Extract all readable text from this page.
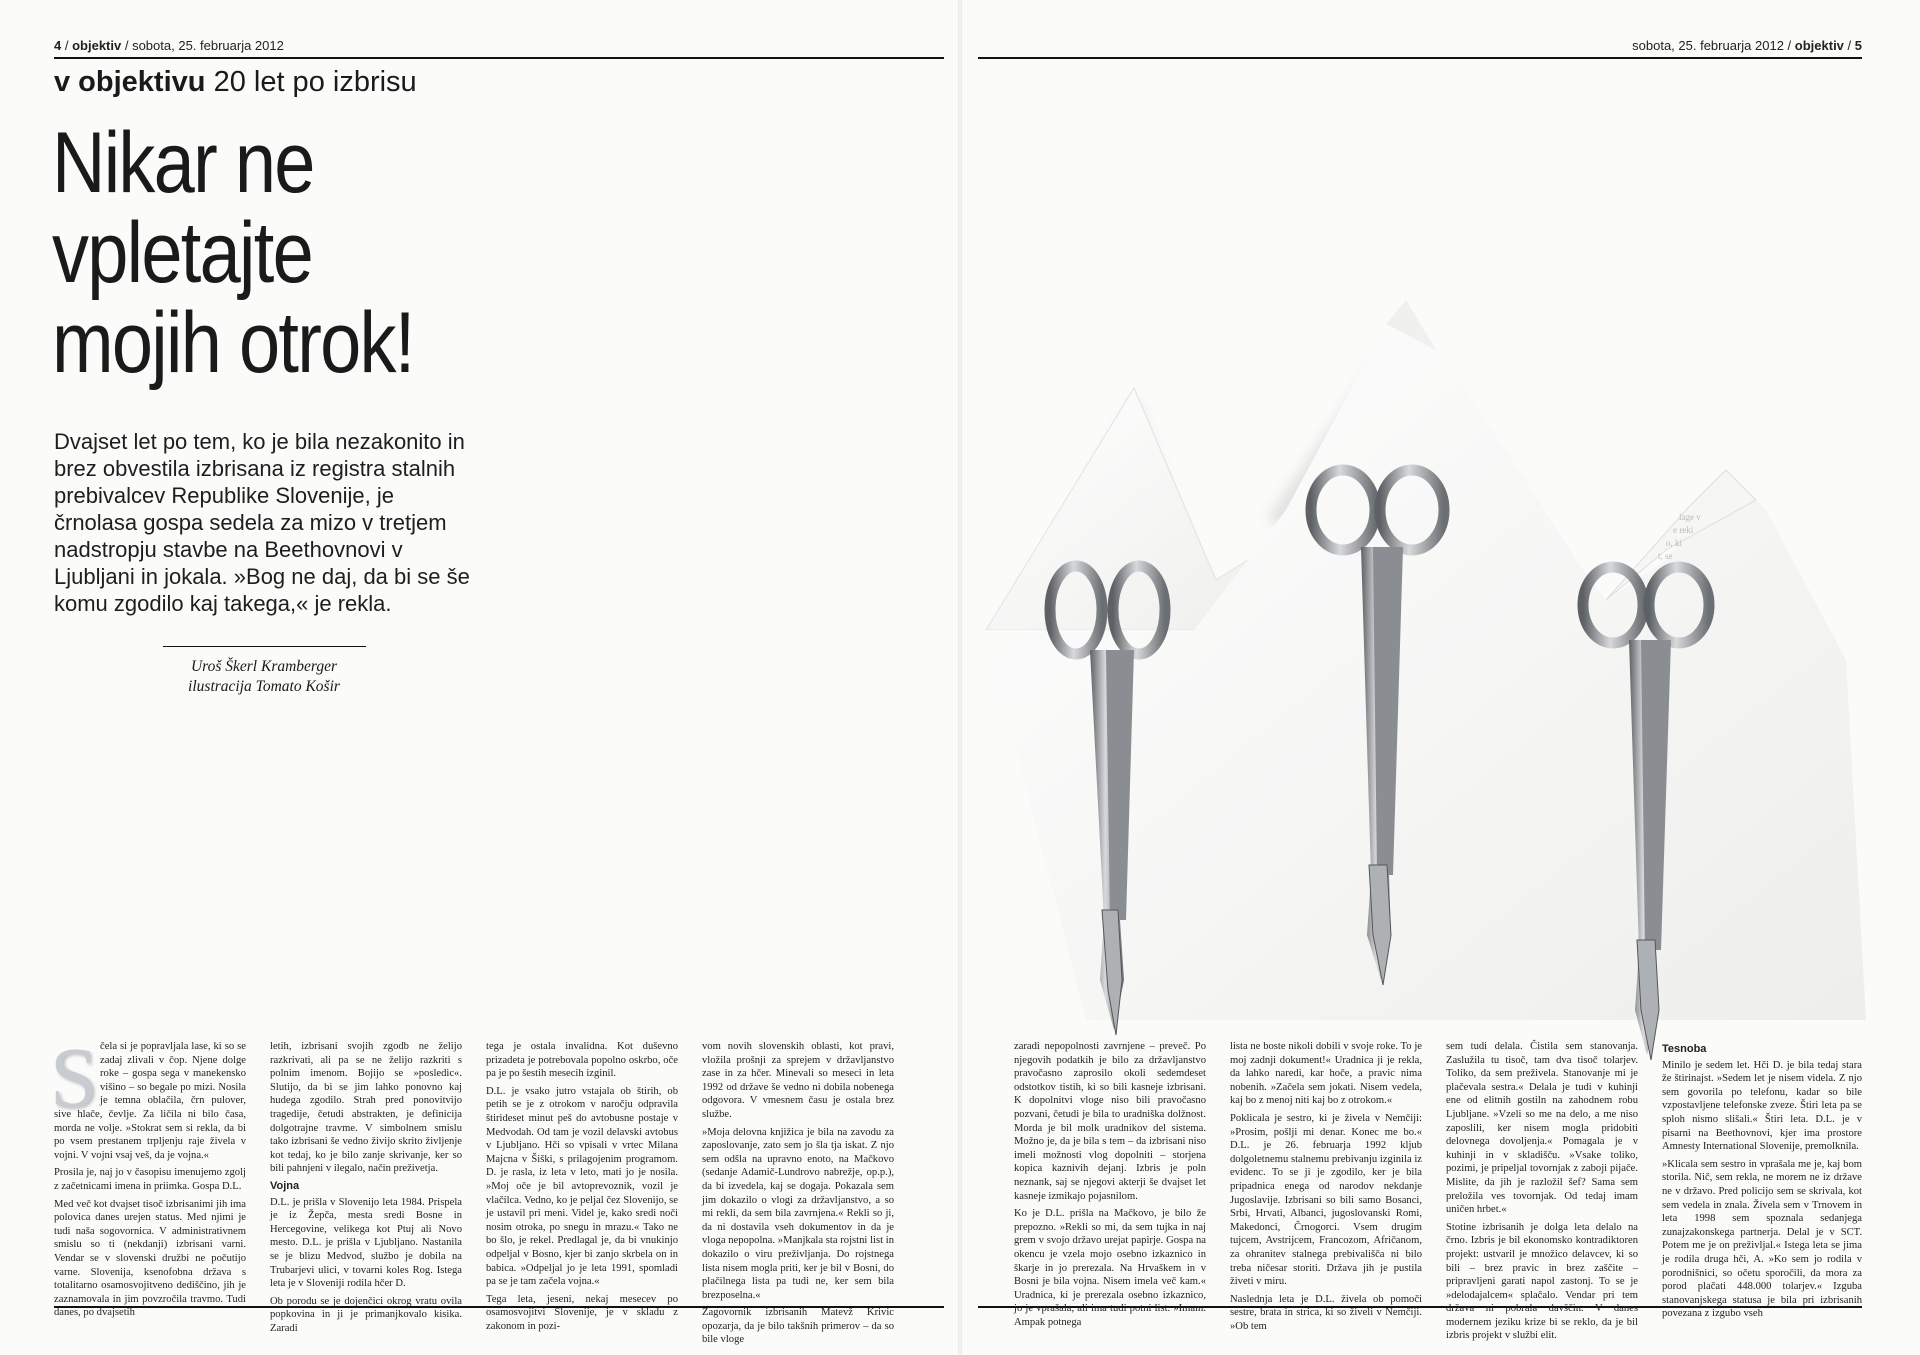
4 / objektiv / sobota, 25. februarja 2012	sobota, 25. februarja 2012 / objektiv / 5
v objektivu 20 let po izbrisu
Nikar ne
vpletajte
mojih otrok!
Dvajset let po tem, ko je bila nezakonito in brez obvestila izbrisana iz registra stalnih prebivalcev Republike Slovenije, je črnolasa gospa sedela za mizo v tretjem nadstropju stavbe na Beethovnovi v Ljubljani in jokala. »Bog ne daj, da bi se še komu zgodilo kaj takega,« je rekla.
Uroš Škerl Kramberger
ilustracija Tomato Košir
lage v
e reki
o, ki
t, se
S čela si je popravljala lase, ki so se zadaj zlivali v čop. Njene dolge roke – gospa sega v manekensko višino – so begale po mizi. Nosila je temna oblačila, črn pulover, sive hlače, čevlje. Za ličila ni bilo časa, morda ne volje. »Stokrat sem si rekla, da bi po vsem prestanem trpljenju raje živela v vojni. V vojni vsaj veš, da je vojna.«

Prosila je, naj jo v časopisu imenujemo zgolj z začetnicami imena in priimka. Gospa D.L.

Med več kot dvajset tisoč izbrisanimi jih ima polovica danes urejen status. Med njimi je tudi naša sogovornica. V administrativnem smislu so ti (nekdanji) izbrisani varni. Vendar se v slovenski družbi ne počutijo varne. Slovenija, ksenofobna država s totalitarno osamosvojitveno dediščino, jih je zaznamovala in jim povzročila travmo. Tudi danes, po dvajsetih

letih, izbrisani svojih zgodb ne želijo razkrivati, ali pa se ne želijo razkriti s polnim imenom. Bojijo se »posledic«. Slutijo, da bi se jim lahko ponovno kaj hudega zgodilo. Strah pred ponovitvijo tragedije, četudi abstrakten, je definicija dolgotrajne travme. V simbolnem smislu tako izbrisani še vedno živijo skrito življenje kot tedaj, ko je bilo zanje skrivanje, ker so bili pahnjeni v ilegalo, način preživetja.

Vojna

D.L. je prišla v Slovenijo leta 1984. Prispela je iz Žepča, mesta sredi Bosne in Hercegovine, velikega kot Ptuj ali Novo mesto. D.L. je prišla v Ljubljano. Nastanila se je blizu Medvod, službo je dobila na Trubarjevi ulici, v tovarni koles Rog. Istega leta je v Sloveniji rodila hčer D.

Ob porodu se je dojenčici okrog vratu ovila popkovina in ji je primanjkovalo kisika. Zaradi

tega je ostala invalidna. Kot duševno prizadeta je potrebovala popolno oskrbo, oče pa je po šestih mesecih izginil.

D.L. je vsako jutro vstajala ob štirih, ob petih se je z otrokom v naročju odpravila štirideset minut peš do avtobusne postaje v Medvodah. Od tam je vozil delavski avtobus v Ljubljano. Hči so vpisali v vrtec Milana Majcna v Šiški, s prilagojenim programom. D. je rasla, iz leta v leto, mati jo je nosila. »Moj oče je bil avtoprevoznik, vozil je vlačilca. Vedno, ko je peljal čez Slovenijo, se je ustavil pri meni. Videl je, kako sredi noči nosim otroka, po snegu in mrazu.« Tako ne bo šlo, je rekel. Predlagal je, da bi vnukinjo odpeljal v Bosno, kjer bi zanjo skrbela on in babica. »Odpeljal jo je leta 1991, spomladi pa se je tam začela vojna.«

Tega leta, jeseni, nekaj mesecev po osamosvojitvi Slovenije, je v skladu z zakonom in pozi-

vom novih slovenskih oblasti, kot pravi, vložila prošnji za sprejem v državljanstvo zase in za hčer. Minevali so meseci in leta 1992 od države še vedno ni dobila nobenega odgovora. V vmesnem času je ostala brez službe.

»Moja delovna knjižica je bila na zavodu za zaposlovanje, zato sem jo šla tja iskat. Z njo sem odšla na upravno enoto, na Mačkovo (sedanje Adamič-Lundrovo nabrežje, op.p.), da bi izvedela, kaj se dogaja. Pokazala sem jim dokazilo o vlogi za državljanstvo, a so mi rekli, da sem bila zavrnjena.« Rekli so ji, da ni dostavila vseh dokumentov in da je vloga nepopolna. »Manjkala sta rojstni list in dokazilo o viru preživljanja. Do rojstnega lista nisem mogla priti, ker je bil v Bosni, do plačilnega lista pa tudi ne, ker sem bila brezposelna.«

Zagovornik izbrisanih Matevž Krivic opozarja, da je bilo takšnih primerov – da so bile vloge

zaradi nepopolnosti zavrnjene – preveč. Po njegovih podatkih je bilo za državljanstvo pravočasno zaprosilo okoli sedemdeset odstotkov tistih, ki so bili kasneje izbrisani. K dopolnitvi vloge niso bili pravočasno pozvani, četudi je bila to uradniška dolžnost. Morda je bil molk uradnikov del sistema. Možno je, da je bila s tem – da izbrisani niso imeli možnosti vlog dopolniti – storjena kopica kaznivih dejanj. Izbris je poln neznank, saj se njegovi akterji še dvajset let kasneje izmikajo pojasnilom.

Ko je D.L. prišla na Mačkovo, je bilo že prepozno. »Rekli so mi, da sem tujka in naj grem v svojo državo urejat papirje. Gospa na okencu je vzela mojo osebno izkaznico in škarje in jo prerezala. Na Hrvaškem in v Bosni je bila vojna. Nisem imela več kam.« Uradnica, ki je prerezala osebno izkaznico, jo je vprašala, ali ima tudi potni list. »Imam. Ampak potnega

lista ne boste nikoli dobili v svoje roke. To je moj zadnji dokument!« Uradnica ji je rekla, da lahko naredi, kar hoče, a pravic nima nobenih. »Začela sem jokati. Nisem vedela, kaj bo z menoj niti kaj bo z otrokom.«

Poklicala je sestro, ki je živela v Nemčiji: »Prosim, pošlji mi denar. Konec me bo.« D.L. je 26. februarja 1992 kljub dolgoletnemu stalnemu prebivanju izginila iz evidenc. To se ji je zgodilo, ker je bila pripadnica enega od narodov nekdanje Jugoslavije. Izbrisani so bili samo Bosanci, Srbi, Hrvati, Albanci, jugoslovanski Romi, Makedonci, Črnogorci. Vsem drugim tujcem, Avstrijcem, Francozom, Afričanom, za ohranitev stalnega prebivališča ni bilo treba ničesar storiti. Država jih je pustila živeti v miru.

Naslednja leta je D.L. živela ob pomoči sestre, brata in strica, ki so živeli v Nemčiji. »Ob tem

sem tudi delala. Čistila sem stanovanja. Zaslužila tu tisoč, tam dva tisoč tolarjev. Toliko, da sem preživela. Stanovanje mi je plačevala sestra.« Delala je tudi v kuhinji ene od elitnih gostiln na zahodnem robu Ljubljane. »Vzeli so me na delo, a me niso zaposlili, ker nisem mogla pridobiti delovnega dovoljenja.« Pomagala je v kuhinji in v skladišču. »Vsake toliko, pozimi, je pripeljal tovornjak z zaboji pijače. Mislite, da jih je razložil šef? Sama sem preložila ves tovornjak. Od tedaj imam uničen hrbet.«

Stotine izbrisanih je dolga leta delalo na črno. Izbris je bil ekonomsko kontradiktoren projekt: ustvaril je množico delavcev, ki so bili – brez pravic in brez zaščite – pripravljeni garati napol zastonj. To se je »delodajalcem« splačalo. Vendar pri tem država ni pobrala davščin. V danes modernem jeziku krize bi se reklo, da je bil izbris projekt v službi elit.

Tesnoba

Minilo je sedem let. Hči D. je bila tedaj stara že štirinajst. »Sedem let je nisem videla. Z njo sem govorila po telefonu, kadar so bile vzpostavljene telefonske zveze. Štiri leta pa se sploh nismo slišali.« Štiri leta. D.L. je v pisarni na Beethovnovi, kjer ima prostore Amnesty International Slovenije, premolknila.

»Klicala sem sestro in vprašala me je, kaj bom storila. Nič, sem rekla, ne morem ne iz države ne v državo. Pred policijo sem se skrivala, kot sem vedela in znala. Živela sem v Trnovem in leta 1998 sem spoznala sedanjega zunajzakonskega partnerja. Delal je v SCT. Potem me je on preživljal.« Istega leta se jima je rodila druga hči, A. »Ko sem jo rodila v porodnišnici, so očetu sporočili, da mora za porod plačati 448.000 tolarjev.« Izguba stanovanjskega statusa je bila pri izbrisanih povezana z izgubo vseh
